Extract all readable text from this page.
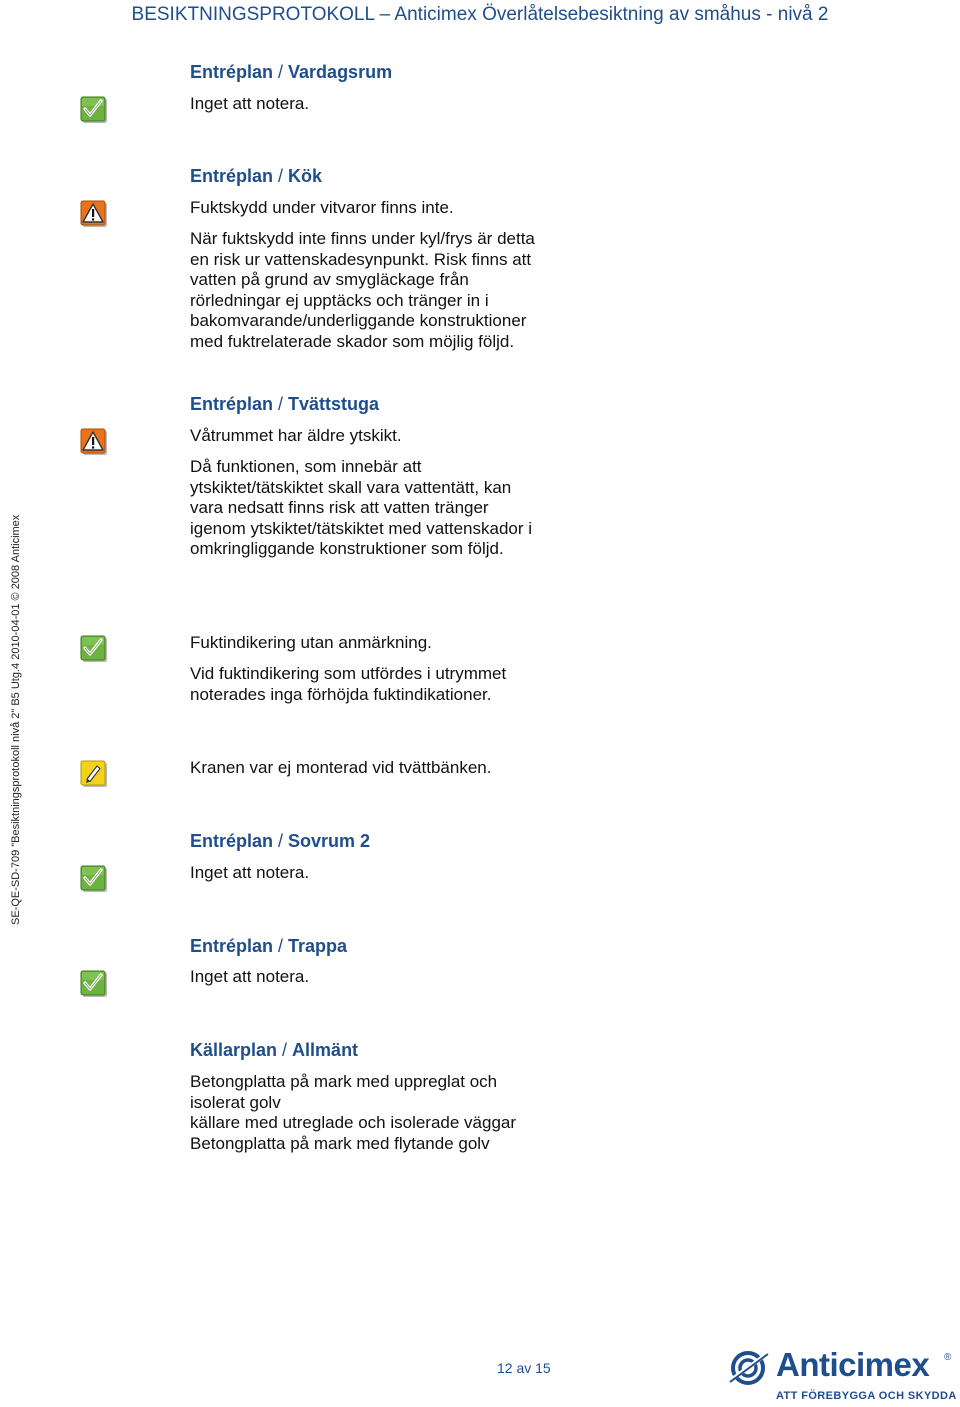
BESIKTNINGSPROTOKOLL – Anticimex Överlåtelsebesiktning av småhus - nivå 2
SE-QE-SD-709 "Besiktningsprotokoll nivå 2" B5 Utg.4 2010-04-01 © 2008 Anticimex
Entréplan / Vardagsrum
Inget att notera.
Entréplan / Kök
Fuktskydd under vitvaror finns inte.
När fuktskydd inte finns under kyl/frys är detta en risk ur vattenskadesynpunkt. Risk finns att vatten på grund av smygläckage från rörledningar ej upptäcks och tränger in i bakomvarande/underliggande konstruktioner med fuktrelaterade skador som möjlig följd.
Entréplan / Tvättstuga
Våtrummet har äldre ytskikt.
Då funktionen, som innebär att ytskiktet/tätskiktet skall vara vattentätt, kan vara nedsatt finns risk att vatten tränger igenom ytskiktet/tätskiktet med vattenskador i omkringliggande konstruktioner som följd.
Fuktindikering utan anmärkning.
Vid fuktindikering som utfördes i utrymmet noterades inga förhöjda fuktindikationer.
Kranen var ej monterad vid tvättbänken.
Entréplan / Sovrum 2
Inget att notera.
Entréplan / Trappa
Inget att notera.
Källarplan / Allmänt
Betongplatta på mark med uppreglat och isolerat golv
källare med utreglade och isolerade väggar
Betongplatta på mark med flytande golv
12 av 15	Anticimex ®
ATT FÖREBYGGA OCH SKYDDA
